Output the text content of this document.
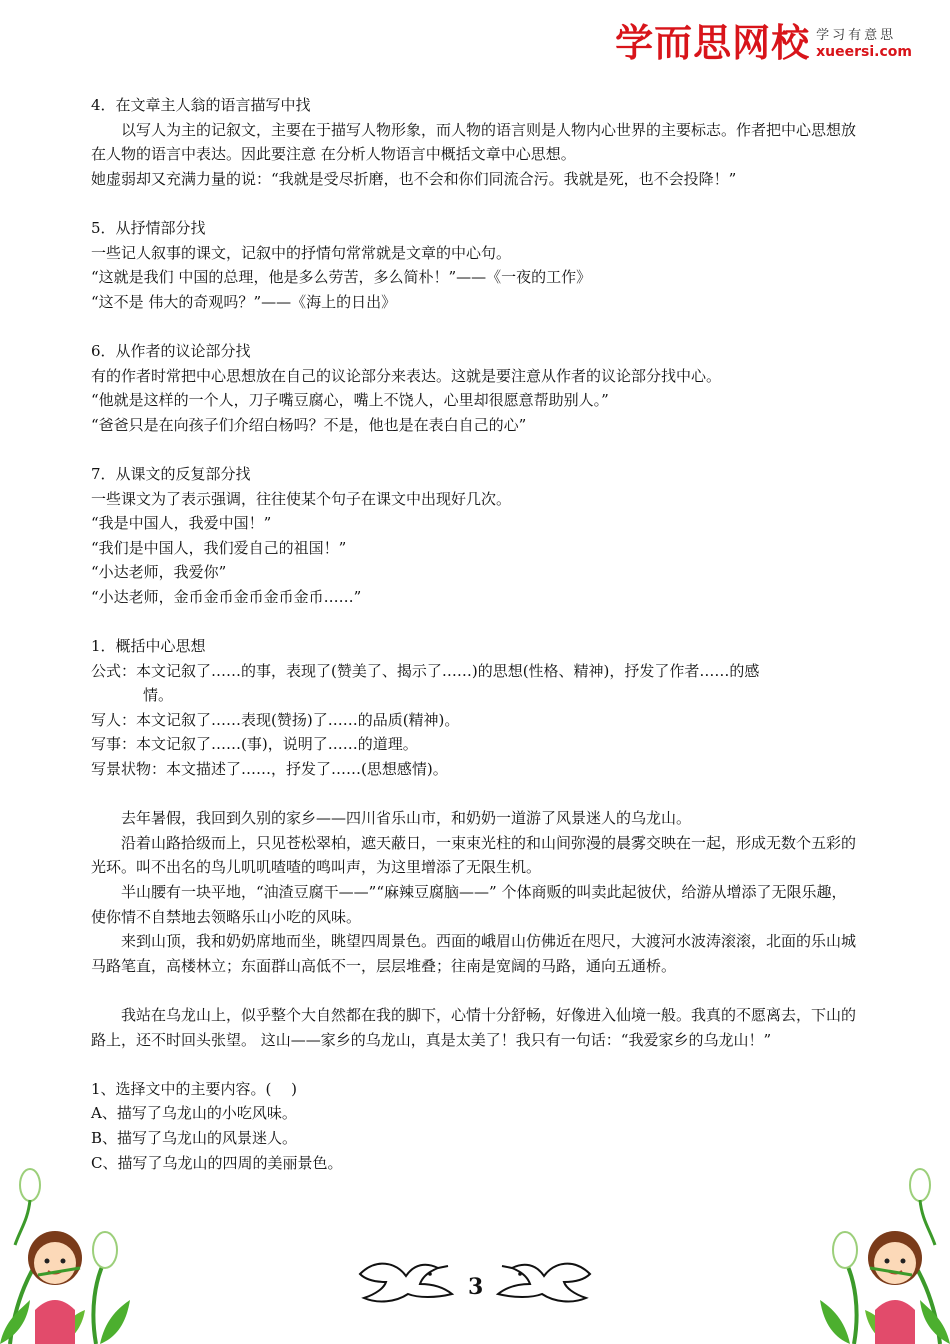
学而思网校 学习有意思
xueersi.com

4．在文章主人翁的语言描写中找

以写人为主的记叙文，主要在于描写人物形象，而人物的语言则是人物内心世界的主要标志。作者把中心思想放在人物的语言中表达。因此要注意 在分析人物语言中概括文章中心思想。

她虚弱却又充满力量的说：“我就是受尽折磨，也不会和你们同流合污。我就是死，也不会投降！”

5．从抒情部分找

一些记人叙事的课文，记叙中的抒情句常常就是文章的中心句。

“这就是我们 中国的总理，他是多么劳苦，多么简朴！”——《一夜的工作》

“这不是 伟大的奇观吗？”——《海上的日出》

6．从作者的议论部分找

有的作者时常把中心思想放在自己的议论部分来表达。这就是要注意从作者的议论部分找中心。

“他就是这样的一个人，刀子嘴豆腐心，嘴上不饶人，心里却很愿意帮助别人。”

“爸爸只是在向孩子们介绍白杨吗？不是，他也是在表白自己的心”

7．从课文的反复部分找

一些课文为了表示强调，往往使某个句子在课文中出现好几次。

“我是中国人，我爱中国！”

“我们是中国人，我们爱自己的祖国！”

“小达老师，我爱你”

“小达老师，金币金币金币金币金币……”

1．概括中心思想

公式：本文记叙了……的事，表现了(赞美了、揭示了……)的思想(性格、精神)，抒发了作者……的感

情。

写人：本文记叙了……表现(赞扬)了……的品质(精神)。

写事：本文记叙了……(事)，说明了……的道理。

写景状物：本文描述了……，抒发了……(思想感情)。

去年暑假，我回到久别的家乡——四川省乐山市，和奶奶一道游了风景迷人的乌龙山。

沿着山路拾级而上，只见苍松翠柏，遮天蔽日，一束束光柱的和山间弥漫的晨雾交映在一起，形成无数个五彩的光环。叫不出名的鸟儿叽叽喳喳的鸣叫声，为这里增添了无限生机。

半山腰有一块平地，“油渣豆腐干——”“麻辣豆腐脑——” 个体商贩的叫卖此起彼伏，给游从增添了无限乐趣，使你情不自禁地去领略乐山小吃的风味。

来到山顶，我和奶奶席地而坐，眺望四周景色。西面的峨眉山仿佛近在咫尺，大渡河水波涛滚滚，北面的乐山城马路笔直，高楼林立；东面群山高低不一，层层堆叠；往南是宽阔的马路，通向五通桥。

我站在乌龙山上，似乎整个大自然都在我的脚下，心情十分舒畅，好像进入仙境一般。我真的不愿离去，下山的路上，还不时回头张望。 这山——家乡的乌龙山，真是太美了！我只有一句话：“我爱家乡的乌龙山！”

1、选择文中的主要内容。(　 )

A、描写了乌龙山的小吃风味。

B、描写了乌龙山的风景迷人。

C、描写了乌龙山的四周的美丽景色。

3
